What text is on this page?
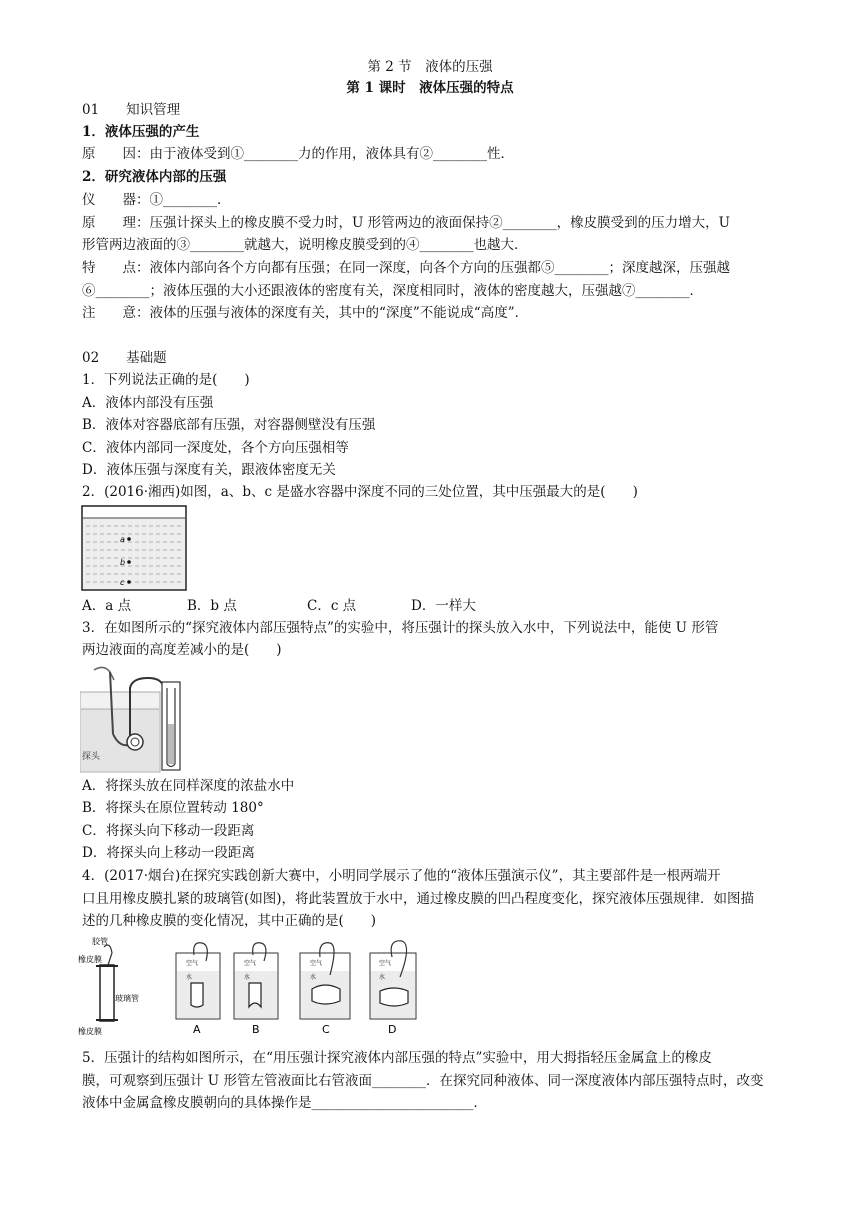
第 2 节　液体的压强
第 1 课时　液体压强的特点
01　　知识管理
1．液体压强的产生
原　　因：由于液体受到①________力的作用，液体具有②________性．
2．研究液体内部的压强
仪　　器：①________．
原　　理：压强计探头上的橡皮膜不受力时，U 形管两边的液面保持②________，橡皮膜受到的压力增大，U
形管两边液面的③________就越大，说明橡皮膜受到的④________也越大．
特　　点：液体内部向各个方向都有压强；在同一深度，向各个方向的压强都⑤________；深度越深，压强越
⑥________；液体压强的大小还跟液体的密度有关，深度相同时，液体的密度越大，压强越⑦________．
注　　意：液体的压强与液体的深度有关，其中的“深度”不能说成“高度”．
02　　基础题
1．下列说法正确的是(　　)
A．液体内部没有压强
B．液体对容器底部有压强，对容器侧壁没有压强
C．液体内部同一深度处，各个方向压强相等
D．液体压强与深度有关，跟液体密度无关
2．(2016·湘西)如图，a、b、c 是盛水容器中深度不同的三处位置，其中压强最大的是(　　)
a
b
c
A．a 点	B．b 点	C．c 点	D．一样大
3．在如图所示的“探究液体内部压强特点”的实验中，将压强计的探头放入水中，下列说法中，能使 U 形管
两边液面的高度差减小的是(　　)
探头
A．将探头放在同样深度的浓盐水中
B．将探头在原位置转动 180°
C．将探头向下移动一段距离
D．将探头向上移动一段距离
4．(2017·烟台)在探究实践创新大赛中，小明同学展示了他的“液体压强演示仪”，其主要部件是一根两端开
口且用橡皮膜扎紧的玻璃管(如图)，将此装置放于水中，通过橡皮膜的凹凸程度变化，探究液体压强规律．如图描
述的几种橡皮膜的变化情况，其中正确的是(　　)
胶管
橡皮膜
玻璃管
橡皮膜
空气
水
A
空气
水
B
空气
水
C
空气
水
D
5．压强计的结构如图所示，在“用压强计探究液体内部压强的特点”实验中，用大拇指轻压金属盒上的橡皮
膜，可观察到压强计 U 形管左管液面比右管液面________．在探究同种液体、同一深度液体内部压强特点时，改变
液体中金属盒橡皮膜朝向的具体操作是________________________．
